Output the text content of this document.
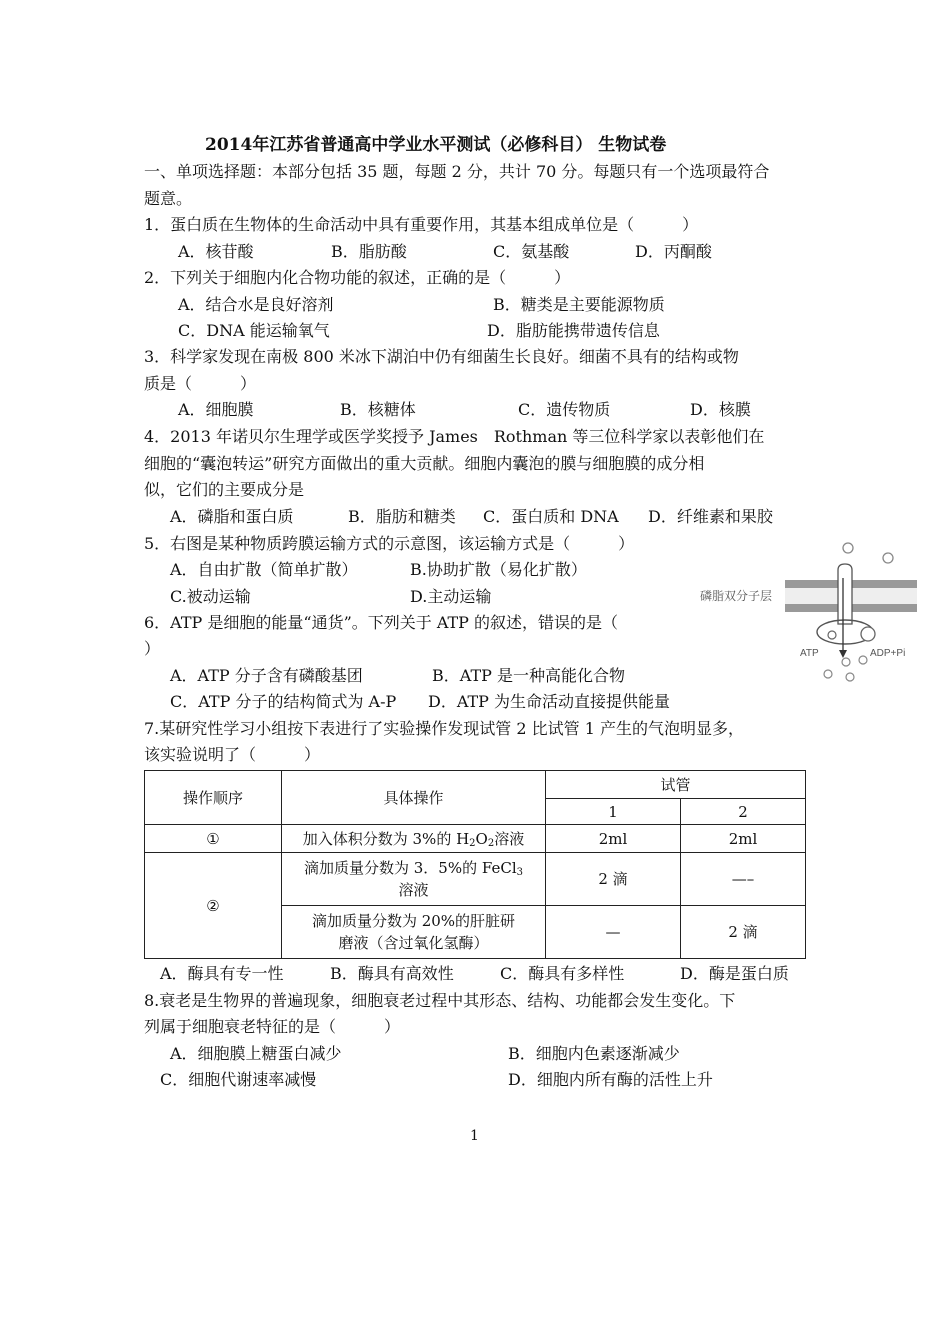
2014年江苏省普通高中学业水平测试（必修科目） 生物试卷
一、单项选择题：本部分包括 35 题，每题 2 分，共计 70 分。每题只有一个选项最符合
题意。
1．蛋白质在生物体的生命活动中具有重要作用，其基本组成单位是（　　　）
A．核苷酸	B．脂肪酸	C．氨基酸	D．丙酮酸
2．下列关于细胞内化合物功能的叙述，正确的是（　　　）
A．结合水是良好溶剂	B．糖类是主要能源物质
C．DNA 能运输氧气	D．脂肪能携带遗传信息
3．科学家发现在南极 800 米冰下湖泊中仍有细菌生长良好。细菌不具有的结构或物
质是（　　　）
A．细胞膜	B．核糖体	C．遗传物质	D．核膜
4．2013 年诺贝尔生理学或医学奖授予 James　Rothman 等三位科学家以表彰他们在
细胞的“囊泡转运”研究方面做出的重大贡献。细胞内囊泡的膜与细胞膜的成分相
似，它们的主要成分是
A．磷脂和蛋白质	B．脂肪和糖类 C．蛋白质和 DNA D．纤维素和果胶
5．右图是某种物质跨膜运输方式的示意图，该运输方式是（　　　）
A．自由扩散（简单扩散）	B.协助扩散（易化扩散）
C.被动运输	D.主动运输
ATP	ADP+Pi
磷脂双分子层
6．ATP 是细胞的能量“通货”。下列关于 ATP 的叙述，错误的是（
）
A．ATP 分子含有磷酸基团	B．ATP 是一种高能化合物
C．ATP 分子的结构简式为 A-P D．ATP 为生命活动直接提供能量
7.某研究性学习小组按下表进行了实验操作发现试管 2 比试管 1 产生的气泡明显多，
该实验说明了（　　　）
操作顺序	具体操作	试管	
		1	2
①	加入体积分数为 3%的 $H_2O_2$溶液	2ml	2ml
②	滴加质量分数为 3．5%的 FeCl$_3$
溶液	2 滴	—–
	滴加质量分数为 20%的肝脏研
磨液（含过氧化氢酶）	—	2 滴
A．酶具有专一性	B．酶具有高效性	C．酶具有多样性	D．酶是蛋白质
8.衰老是生物界的普遍现象，细胞衰老过程中其形态、结构、功能都会发生变化。下
列属于细胞衰老特征的是（　　　）
A．细胞膜上糖蛋白减少	B．细胞内色素逐渐减少
C．细胞代谢速率减慢	D．细胞内所有酶的活性上升
1
